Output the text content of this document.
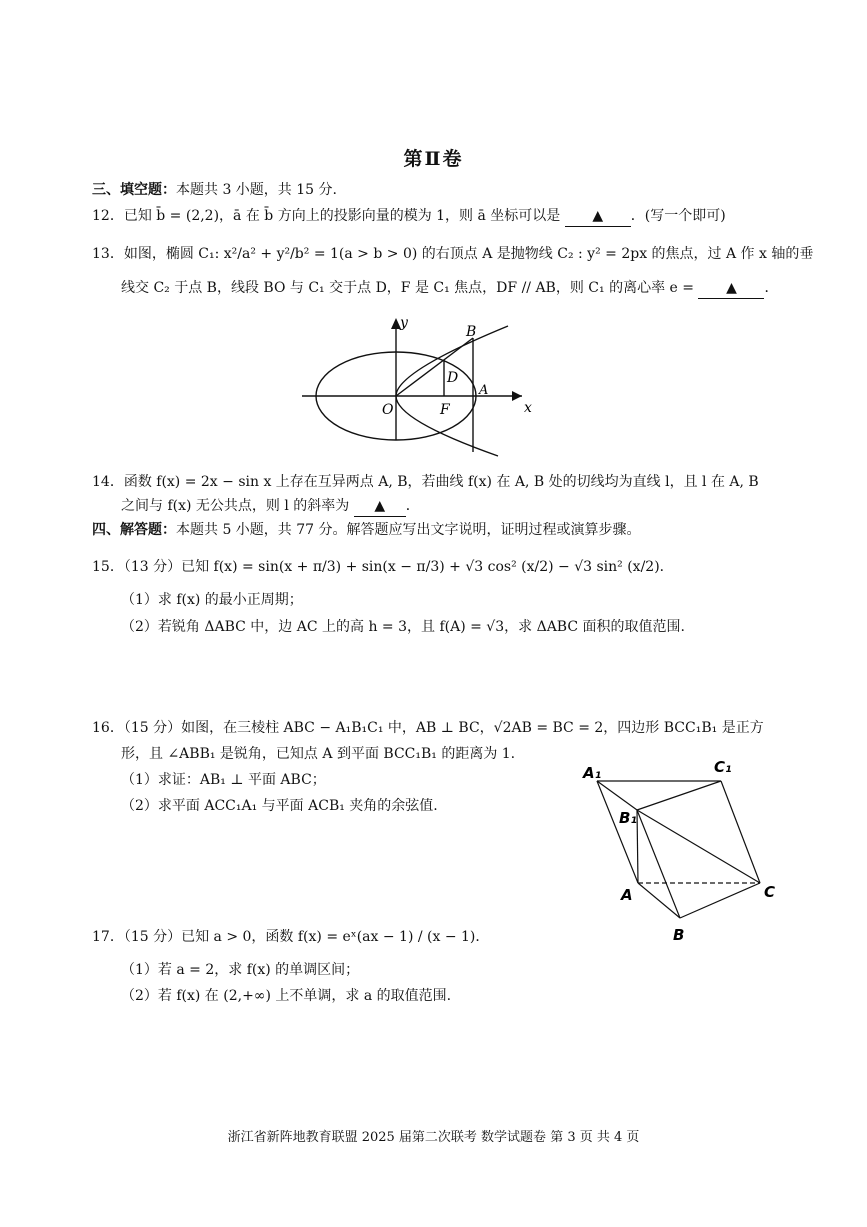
第Ⅱ卷
三、填空题：本题共 3 小题，共 15 分.
12．已知 b̄ = (2,2)，ā 在 b̄ 方向上的投影向量的模为 1，则 ā 坐标可以是 ▲ ．(写一个即可)
13．如图，椭圆 C₁: x²/a² + y²/b² = 1(a > b > 0) 的右顶点 A 是抛物线 C₂ : y² = 2px 的焦点，过 A 作 x 轴的垂
线交 C₂ 于点 B，线段 BO 与 C₁ 交于点 D，F 是 C₁ 焦点，DF // AB，则 C₁ 的离心率 e = ▲ ．
y
x
O	F
A
B
D
14．函数 f(x) = 2x − sin x 上存在互异两点 A, B，若曲线 f(x) 在 A, B 处的切线均为直线 l，且 l 在 A, B
之间与 f(x) 无公共点，则 l 的斜率为 ▲ ．
四、解答题：本题共 5 小题，共 77 分。解答题应写出文字说明，证明过程或演算步骤。
15．（13 分）已知 f(x) = sin(x + π/3) + sin(x − π/3) + √3 cos² (x/2) − √3 sin² (x/2)．
（1）求 f(x) 的最小正周期；
（2）若锐角 ΔABC 中，边 AC 上的高 h = 3，且 f(A) = √3，求 ΔABC 面积的取值范围.
16．（15 分）如图，在三棱柱 ABC − A₁B₁C₁ 中，AB ⊥ BC，√2AB = BC = 2，四边形 BCC₁B₁ 是正方
形，且 ∠ABB₁ 是锐角，已知点 A 到平面 BCC₁B₁ 的距离为 1.
（1）求证：AB₁ ⊥ 平面 ABC；
（2）求平面 ACC₁A₁ 与平面 ACB₁ 夹角的余弦值.
A₁	C₁
B₁
A
B
C
17．（15 分）已知 a > 0，函数 f(x) = eˣ(ax − 1) / (x − 1)．
（1）若 a = 2，求 f(x) 的单调区间；
（2）若 f(x) 在 (2,+∞) 上不单调，求 a 的取值范围.
浙江省新阵地教育联盟 2025 届第二次联考 数学试题卷 第 3 页 共 4 页
